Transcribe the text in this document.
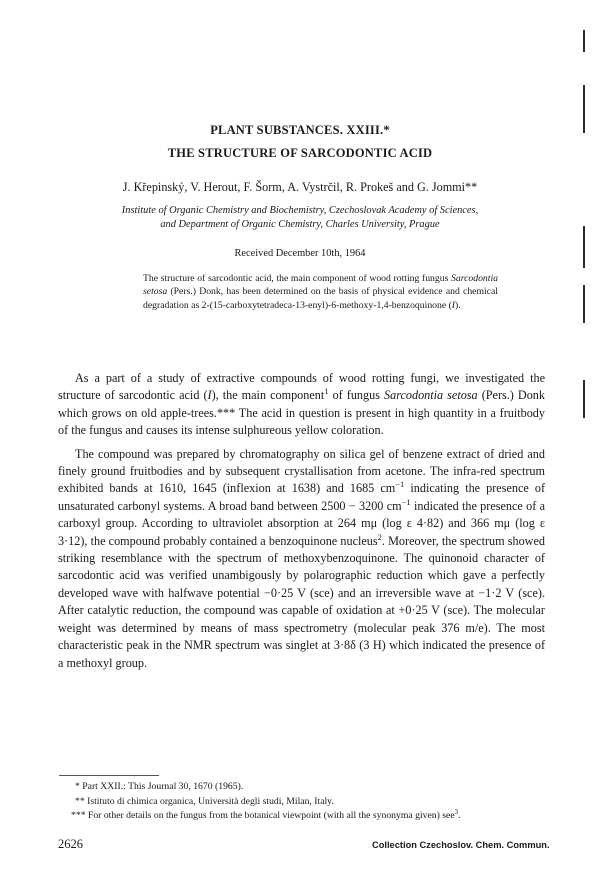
PLANT SUBSTANCES. XXIII.*
THE STRUCTURE OF SARCODONTIC ACID
J. Křepinský, V. Herout, F. Šorm, A. Vystrčil, R. Prokeš and G. Jommi**
Institute of Organic Chemistry and Biochemistry, Czechoslovak Academy of Sciences,
and Department of Organic Chemistry, Charles University, Prague
Received December 10th, 1964
The structure of sarcodontic acid, the main component of wood rotting fungus Sarcodontia setosa (Pers.) Donk, has been determined on the basis of physical evidence and chemical degradation as 2-(15-carboxytetradeca-13-enyl)-6-methoxy-1,4-benzoquinone (I).

As a part of a study of extractive compounds of wood rotting fungi, we investigated the structure of sarcodontic acid (I), the main component$^1$ of fungus Sarcodontia setosa (Pers.) Donk which grows on old apple-trees.*** The acid in question is present in high quantity in a fruitbody of the fungus and causes its intense sulphureous yellow coloration.

The compound was prepared by chromatography on silica gel of benzene extract of dried and finely ground fruitbodies and by subsequent crystallisation from acetone. The infra-red spectrum exhibited bands at 1610, 1645 (inflexion at 1638) and 1685 $cm^{-1}$ indicating the presence of unsaturated carbonyl systems. A broad band between 2500 − 3200 $cm^{-1}$ indicated the presence of a carboxyl group. According to ultraviolet absorption at 264 mμ (log ε 4·82) and 366 mμ (log ε 3·12), the compound probably contained a benzoquinone nucleus$^2$. Moreover, the spectrum showed striking resemblance with the spectrum of methoxybenzoquinone. The quinonoid character of sarcodontic acid was verified unambigously by polarographic reduction which gave a perfectly developed wave with halfwave potential −0·25 V (sce) and an irreversible wave at −1·2 V (sce). After catalytic reduction, the compound was capable of oxidation at +0·25 V (sce). The molecular weight was determined by means of mass spectrometry (molecular peak 376 m/e). The most characteristic peak in the NMR spectrum was singlet at 3·8δ (3 H) which indicated the presence of a methoxyl group.

* Part XXII.: This Journal 30, 1670 (1965).
** Istituto di chimica organica, Università degli studi, Milan, Italy.
*** For other details on the fungus from the botanical viewpoint (with all the synonyma given) see$^3$.
2626	Collection Czechoslov. Chem. Commun.
